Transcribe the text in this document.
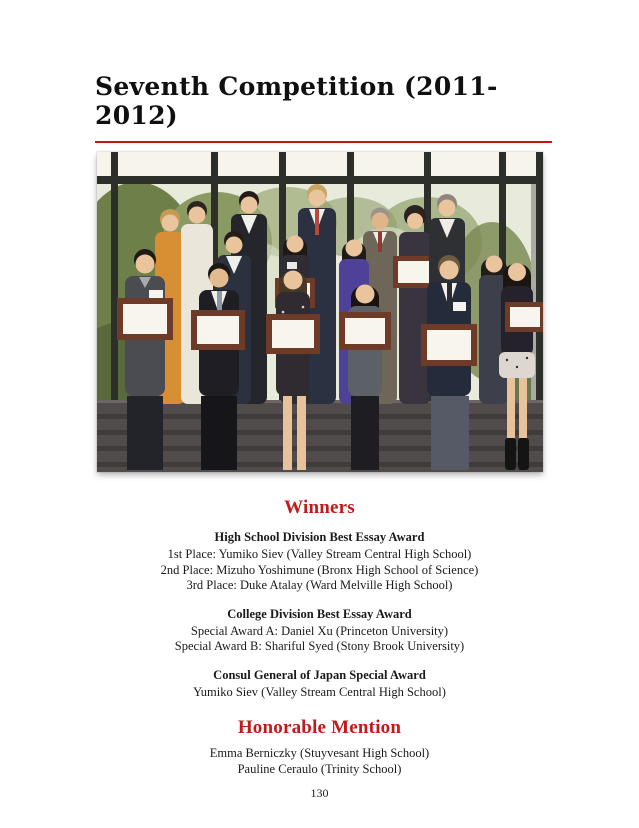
Seventh Competition (2011-2012)
Winners

High School Division Best Essay Award

1st Place: Yumiko Siev (Valley Stream Central High School)

2nd Place: Mizuho Yoshimune (Bronx High School of Science)

3rd Place: Duke Atalay (Ward Melville High School)

College Division Best Essay Award

Special Award A: Daniel Xu (Princeton University)

Special Award B: Shariful Syed (Stony Brook University)

Consul General of Japan Special Award

Yumiko Siev (Valley Stream Central High School)

Honorable Mention

Emma Berniczky (Stuyvesant High School)

Pauline Ceraulo (Trinity School)

130
